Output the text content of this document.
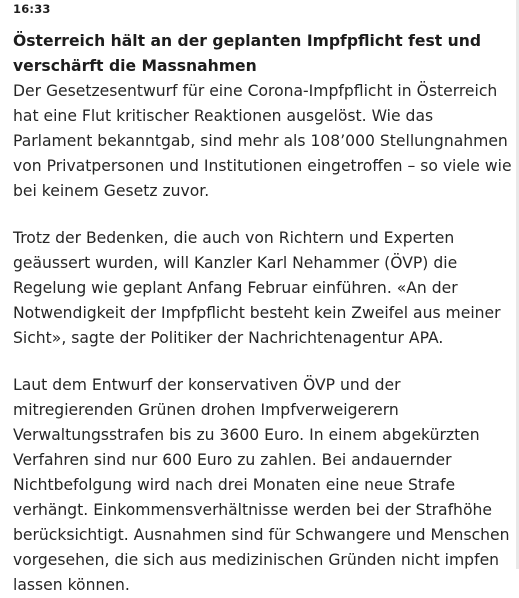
16:33
Österreich hält an der geplanten Impfpflicht fest und verschärft die Massnahmen

Der Gesetzesentwurf für eine Corona-Impfpflicht in Österreich hat eine Flut kritischer Reaktionen ausgelöst. Wie das Parlament bekanntgab, sind mehr als 108’000 Stellungnahmen von Privatpersonen und Institutionen eingetroffen – so viele wie bei keinem Gesetz zuvor.

Trotz der Bedenken, die auch von Richtern und Experten geäussert wurden, will Kanzler Karl Nehammer (ÖVP) die Regelung wie geplant Anfang Februar einführen. «An der Notwendigkeit der Impfpflicht besteht kein Zweifel aus meiner Sicht», sagte der Politiker der Nachrichtenagentur APA.

Laut dem Entwurf der konservativen ÖVP und der mitregierenden Grünen drohen Impfverweigerern Verwaltungsstrafen bis zu 3600 Euro. In einem abgekürzten Verfahren sind nur 600 Euro zu zahlen. Bei andauernder Nichtbefolgung wird nach drei Monaten eine neue Strafe verhängt. Einkommensverhältnisse werden bei der Strafhöhe berücksichtigt. Ausnahmen sind für Schwangere und Menschen vorgesehen, die sich aus medizinischen Gründen nicht impfen lassen können.
